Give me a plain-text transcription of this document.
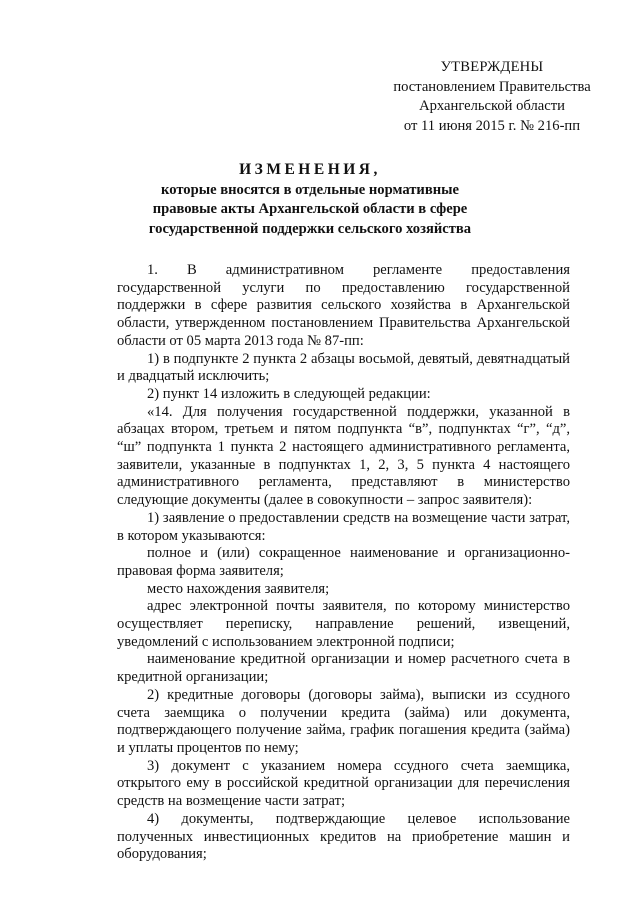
УТВЕРЖДЕНЫ
постановлением Правительства
Архангельской области
от 11 июня 2015 г. № 216-пп
ИЗМЕНЕНИЯ,
которые вносятся в отдельные нормативные
правовые акты Архангельской области в сфере
государственной поддержки сельского хозяйства

1. В административном регламенте предоставления государственной услуги по предоставлению государственной поддержки в сфере развития сельского хозяйства в Архангельской области, утвержденном постановлением Правительства Архангельской области от 05 марта 2013 года № 87-пп:

1) в подпункте 2 пункта 2 абзацы восьмой, девятый, девятнадцатый и двадцатый исключить;

2) пункт 14 изложить в следующей редакции:

«14. Для получения государственной поддержки, указанной в абзацах втором, третьем и пятом подпункта “в”, подпунктах “г”, “д”, “ш” подпункта 1 пункта 2 настоящего административного регламента, заявители, указанные в подпунктах 1, 2, 3, 5 пункта 4 настоящего административного регламента, представляют в министерство следующие документы (далее в совокупности – запрос заявителя):

1) заявление о предоставлении средств на возмещение части затрат, в котором указываются:

полное и (или) сокращенное наименование и организационно-правовая форма заявителя;

место нахождения заявителя;

адрес электронной почты заявителя, по которому министерство осуществляет переписку, направление решений, извещений, уведомлений с использованием электронной подписи;

наименование кредитной организации и номер расчетного счета в кредитной организации;

2) кредитные договоры (договоры займа), выписки из ссудного счета заемщика о получении кредита (займа) или документа, подтверждающего получение займа, график погашения кредита (займа) и уплаты процентов по нему;

3) документ с указанием номера ссудного счета заемщика, открытого ему в российской кредитной организации для перечисления средств на возмещение части затрат;

4) документы, подтверждающие целевое использование полученных инвестиционных кредитов на приобретение машин и оборудования;
